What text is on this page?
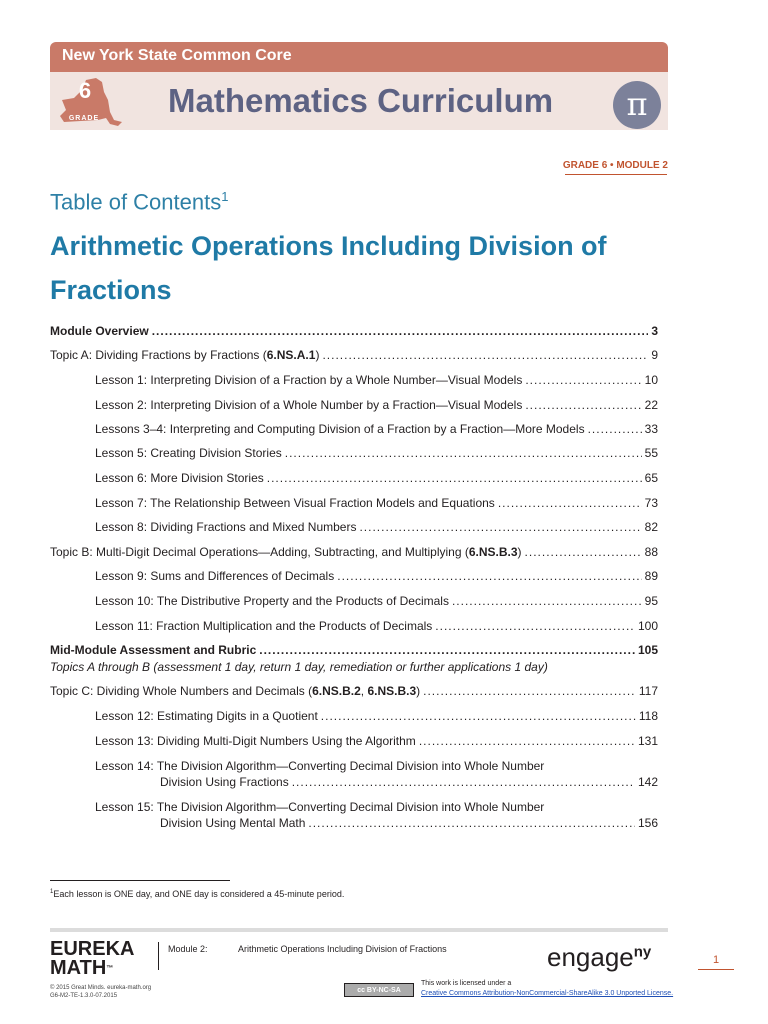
New York State Common Core
6
GRADE Mathematics Curriculum	π
GRADE 6 • MODULE 2
Table of Contents$^1$
Arithmetic Operations Including Division of Fractions
Module Overview .....	3
Topic A: Dividing Fractions by Fractions (6.NS.A.1) .....	9
Lesson 1: Interpreting Division of a Fraction by a Whole Number—Visual Models .....	10
Lesson 2: Interpreting Division of a Whole Number by a Fraction—Visual Models .....	22
Lessons 3–4: Interpreting and Computing Division of a Fraction by a Fraction—More Models .....	33
Lesson 5: Creating Division Stories .....	55
Lesson 6: More Division Stories .....	65
Lesson 7: The Relationship Between Visual Fraction Models and Equations .....	73
Lesson 8: Dividing Fractions and Mixed Numbers .....	82
Topic B: Multi-Digit Decimal Operations—Adding, Subtracting, and Multiplying (6.NS.B.3) .....	88
Lesson 9: Sums and Differences of Decimals .....	89
Lesson 10: The Distributive Property and the Products of Decimals .....	95
Lesson 11: Fraction Multiplication and the Products of Decimals .....	100
Mid-Module Assessment and Rubric .....	105
Topics A through B (assessment 1 day, return 1 day, remediation or further applications 1 day)
Topic C: Dividing Whole Numbers and Decimals (6.NS.B.2, 6.NS.B.3) .....	117
Lesson 12: Estimating Digits in a Quotient .....	118
Lesson 13: Dividing Multi-Digit Numbers Using the Algorithm .....	131
Lesson 14: The Division Algorithm—Converting Decimal Division into Whole Number
Division Using Fractions .....	142
Lesson 15: The Division Algorithm—Converting Decimal Division into Whole Number
Division Using Mental Math .....	156
$^1$Each lesson is ONE day, and ONE day is considered a 45-minute period.
EUREKA
MATH™
Module 2:	Arithmetic Operations Including Division of Fractions	engage$^{ny}$	1
© 2015 Great Minds. eureka-math.org
G6-M2-TE-1.3.0-07.2015
cc BY-NC-SA
This work is licensed under a
Creative Commons Attribution-NonCommercial-ShareAlike 3.0 Unported License.
